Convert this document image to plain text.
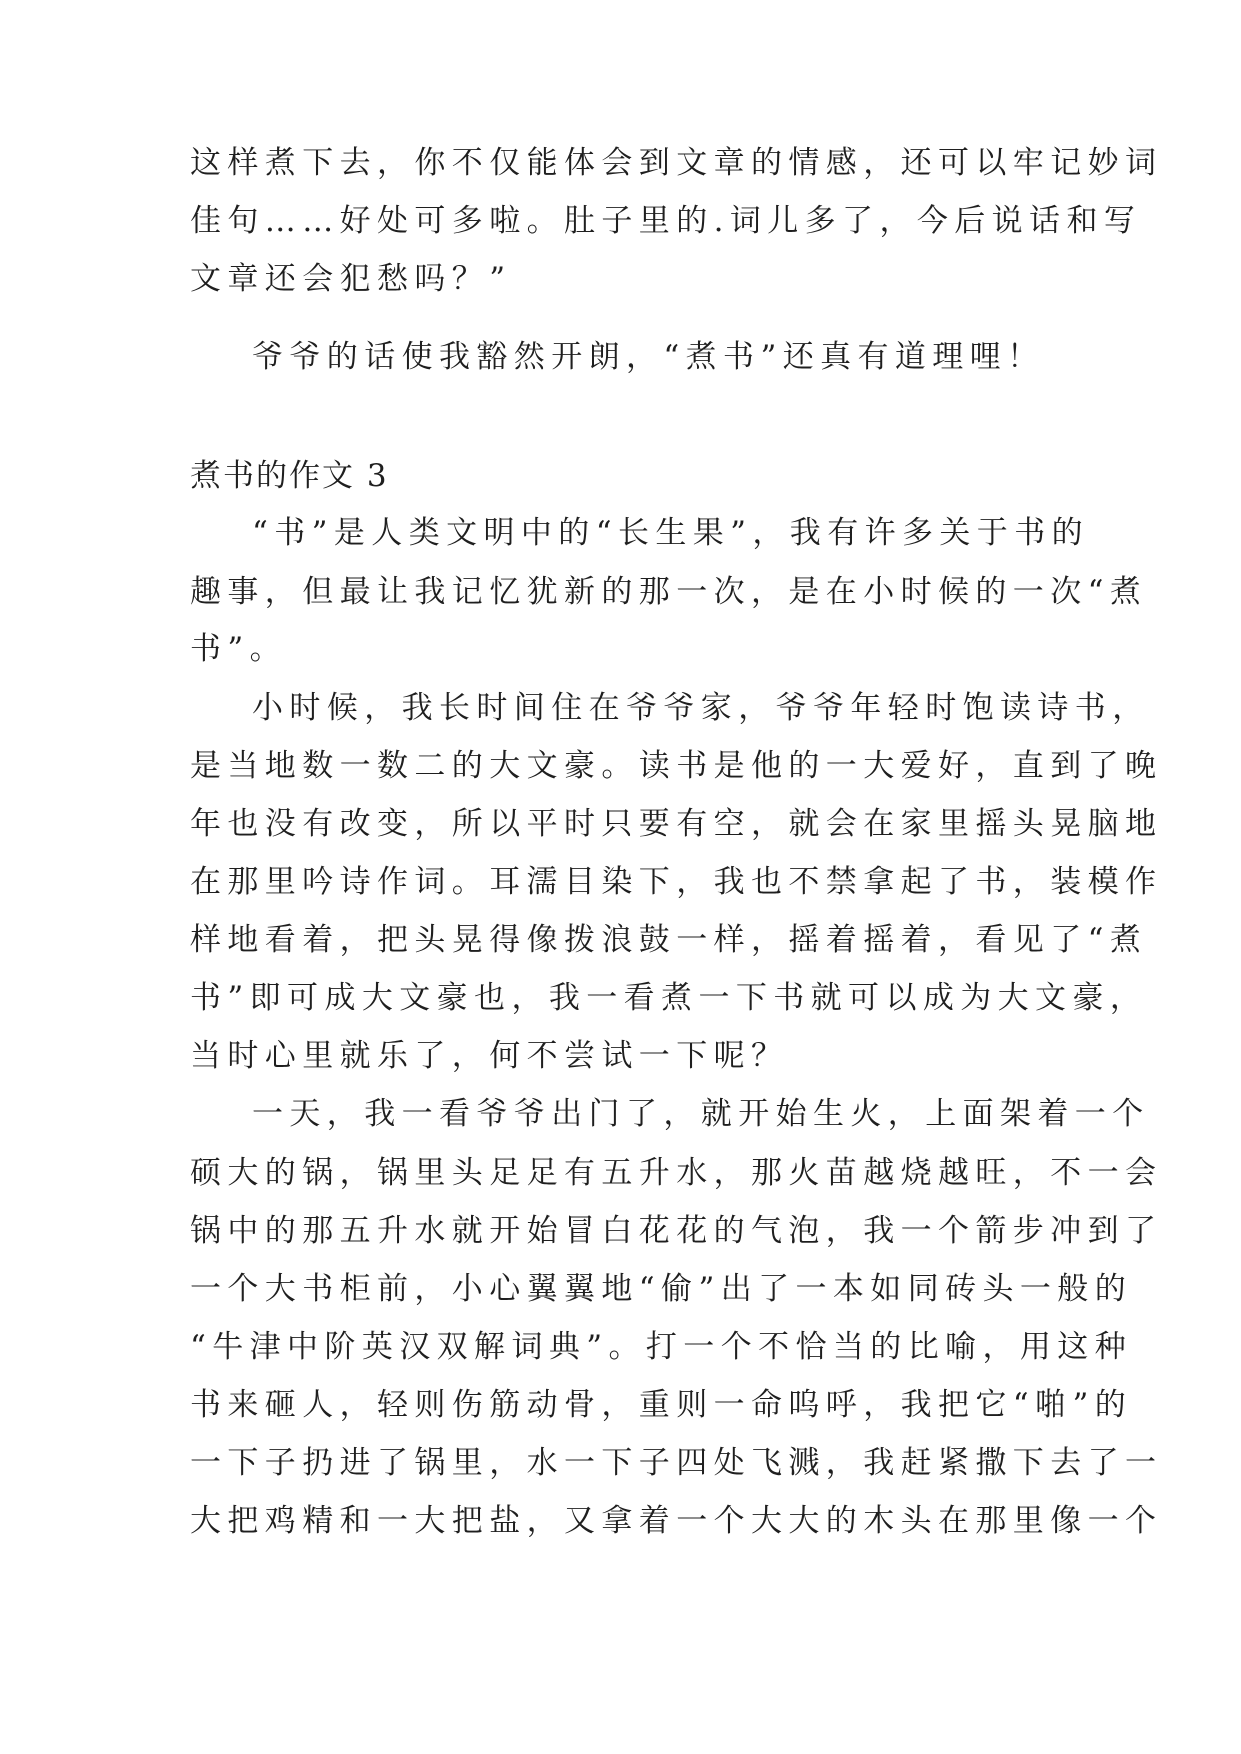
这样煮下去，你不仅能体会到文章的情感，还可以牢记妙词
佳句……好处可多啦。肚子里的.词儿多了，今后说话和写
文章还会犯愁吗？”
爷爷的话使我豁然开朗，“煮书”还真有道理哩！
煮书的作文 3
“书”是人类文明中的“长生果”，我有许多关于书的
趣事，但最让我记忆犹新的那一次，是在小时候的一次“煮
书”。
小时候，我长时间住在爷爷家，爷爷年轻时饱读诗书，
是当地数一数二的大文豪。读书是他的一大爱好，直到了晚
年也没有改变，所以平时只要有空，就会在家里摇头晃脑地
在那里吟诗作词。耳濡目染下，我也不禁拿起了书，装模作
样地看着，把头晃得像拨浪鼓一样，摇着摇着，看见了“煮
书”即可成大文豪也，我一看煮一下书就可以成为大文豪，
当时心里就乐了，何不尝试一下呢？
一天，我一看爷爷出门了，就开始生火，上面架着一个
硕大的锅，锅里头足足有五升水，那火苗越烧越旺，不一会
锅中的那五升水就开始冒白花花的气泡，我一个箭步冲到了
一个大书柜前，小心翼翼地“偷”出了一本如同砖头一般的
“牛津中阶英汉双解词典”。打一个不恰当的比喻，用这种
书来砸人，轻则伤筋动骨，重则一命呜呼，我把它“啪”的
一下子扔进了锅里，水一下子四处飞溅，我赶紧撒下去了一
大把鸡精和一大把盐，又拿着一个大大的木头在那里像一个
